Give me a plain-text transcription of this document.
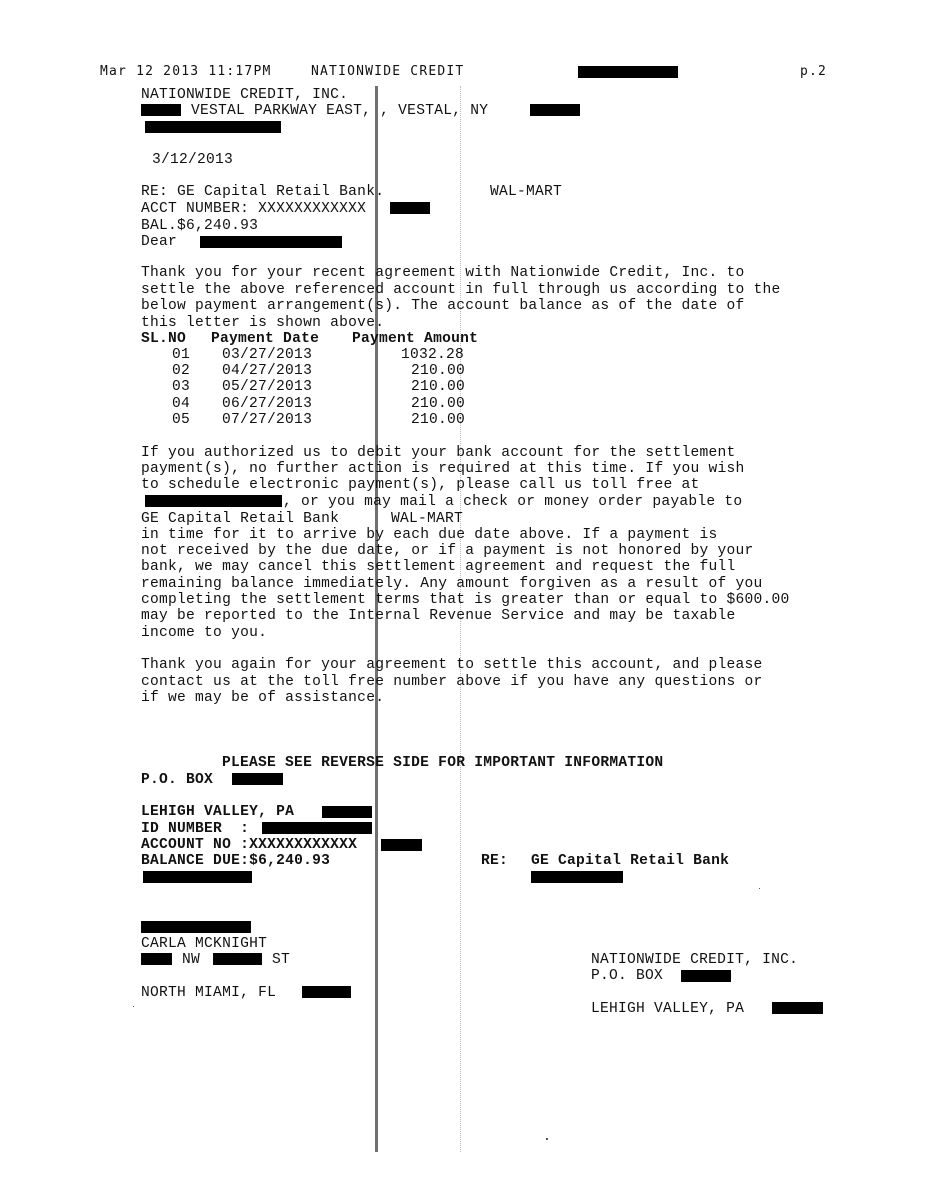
Mar 12 2013 11:17PM	NATIONWIDE CREDIT	p.2
NATIONWIDE CREDIT, INC.
VESTAL PARKWAY EAST, , VESTAL, NY
3/12/2013
RE: GE Capital Retail Bank.	WAL-MART
ACCT NUMBER: XXXXXXXXXXXX
BAL.$6,240.93
Dear
Thank you for your recent agreement with Nationwide Credit, Inc. to
settle the above referenced account in full through us according to the
below payment arrangement(s). The account balance as of the date of
this letter is shown above.
SL.NO Payment Date Payment Amount
01 03/27/2013	1032.28
02 04/27/2013	210.00
03 05/27/2013	210.00
04 06/27/2013	210.00
05 07/27/2013	210.00
If you authorized us to debit your bank account for the settlement
payment(s), no further action is required at this time. If you wish
to schedule electronic payment(s), please call us toll free at
, or you may mail a check or money order payable to
GE Capital Retail Bank	WAL-MART
in time for it to arrive by each due date above. If a payment is
not received by the due date, or if a payment is not honored by your
bank, we may cancel this settlement agreement and request the full
remaining balance immediately. Any amount forgiven as a result of you
completing the settlement terms that is greater than or equal to $600.00
may be reported to the Internal Revenue Service and may be taxable
income to you.
Thank you again for your agreement to settle this account, and please
contact us at the toll free number above if you have any questions or
if we may be of assistance.
PLEASE SEE REVERSE SIDE FOR IMPORTANT INFORMATION
P.O. BOX
LEHIGH VALLEY, PA
ID NUMBER  :
ACCOUNT NO :XXXXXXXXXXXX
BALANCE DUE:$6,240.93	RE: GE Capital Retail Bank
CARLA MCKNIGHT
NW	ST
NORTH MIAMI, FL
NATIONWIDE CREDIT, INC.
P.O. BOX
LEHIGH VALLEY, PA
